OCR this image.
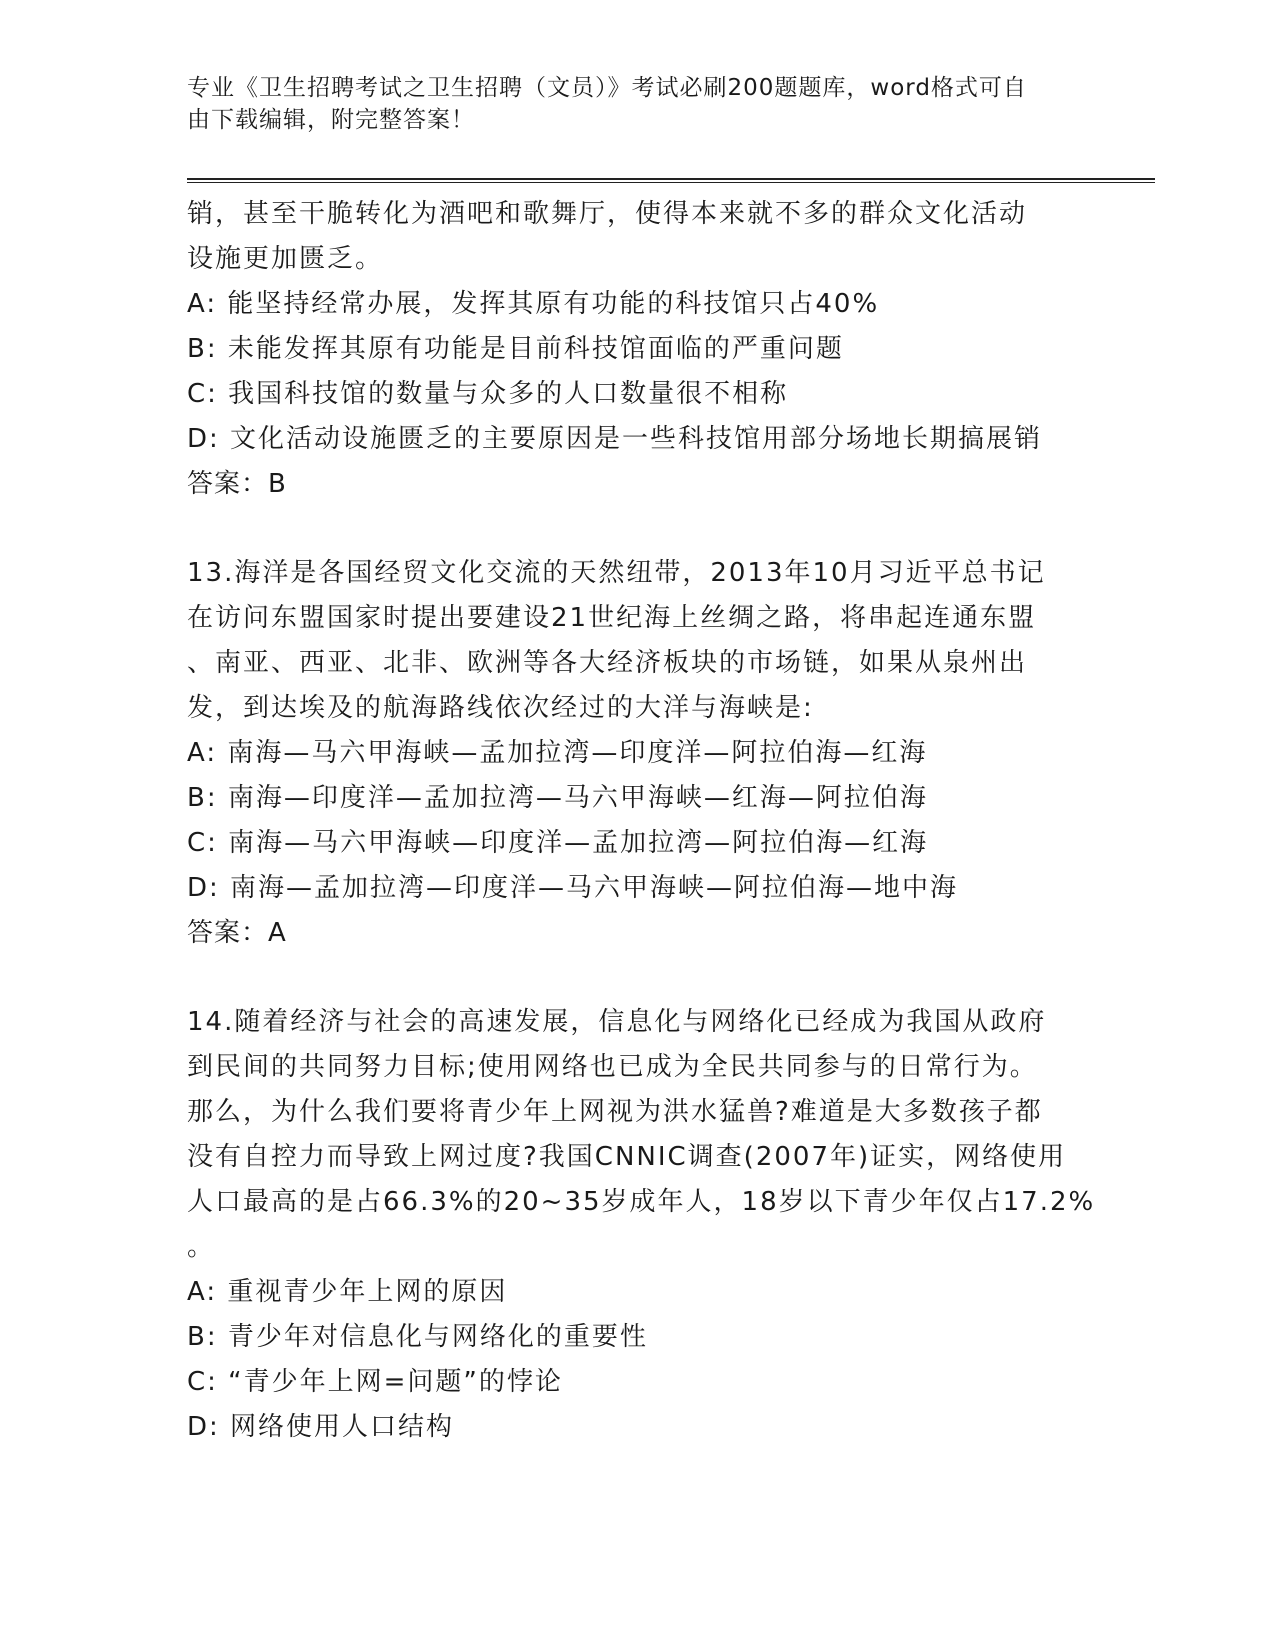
专业《卫生招聘考试之卫生招聘（文员）》考试必刷200题题库，word格式可自
由下载编辑，附完整答案！
销，甚至干脆转化为酒吧和歌舞厅，使得本来就不多的群众文化活动
设施更加匮乏。
A: 能坚持经常办展，发挥其原有功能的科技馆只占40%
B: 未能发挥其原有功能是目前科技馆面临的严重问题
C: 我国科技馆的数量与众多的人口数量很不相称
D: 文化活动设施匮乏的主要原因是一些科技馆用部分场地长期搞展销
答案：B
13.海洋是各国经贸文化交流的天然纽带，2013年10月习近平总书记
在访问东盟国家时提出要建设21世纪海上丝绸之路，将串起连通东盟
、南亚、西亚、北非、欧洲等各大经济板块的市场链，如果从泉州出
发，到达埃及的航海路线依次经过的大洋与海峡是:
A: 南海—马六甲海峡—孟加拉湾—印度洋—阿拉伯海—红海
B: 南海—印度洋—孟加拉湾—马六甲海峡—红海—阿拉伯海
C: 南海—马六甲海峡—印度洋—孟加拉湾—阿拉伯海—红海
D: 南海—孟加拉湾—印度洋—马六甲海峡—阿拉伯海—地中海
答案：A
14.随着经济与社会的高速发展，信息化与网络化已经成为我国从政府
到民间的共同努力目标;使用网络也已成为全民共同参与的日常行为。
那么，为什么我们要将青少年上网视为洪水猛兽?难道是大多数孩子都
没有自控力而导致上网过度?我国CNNIC调查(2007年)证实，网络使用
人口最高的是占66.3%的20~35岁成年人，18岁以下青少年仅占17.2%
。
A: 重视青少年上网的原因
B: 青少年对信息化与网络化的重要性
C: “青少年上网=问题”的悖论
D: 网络使用人口结构
